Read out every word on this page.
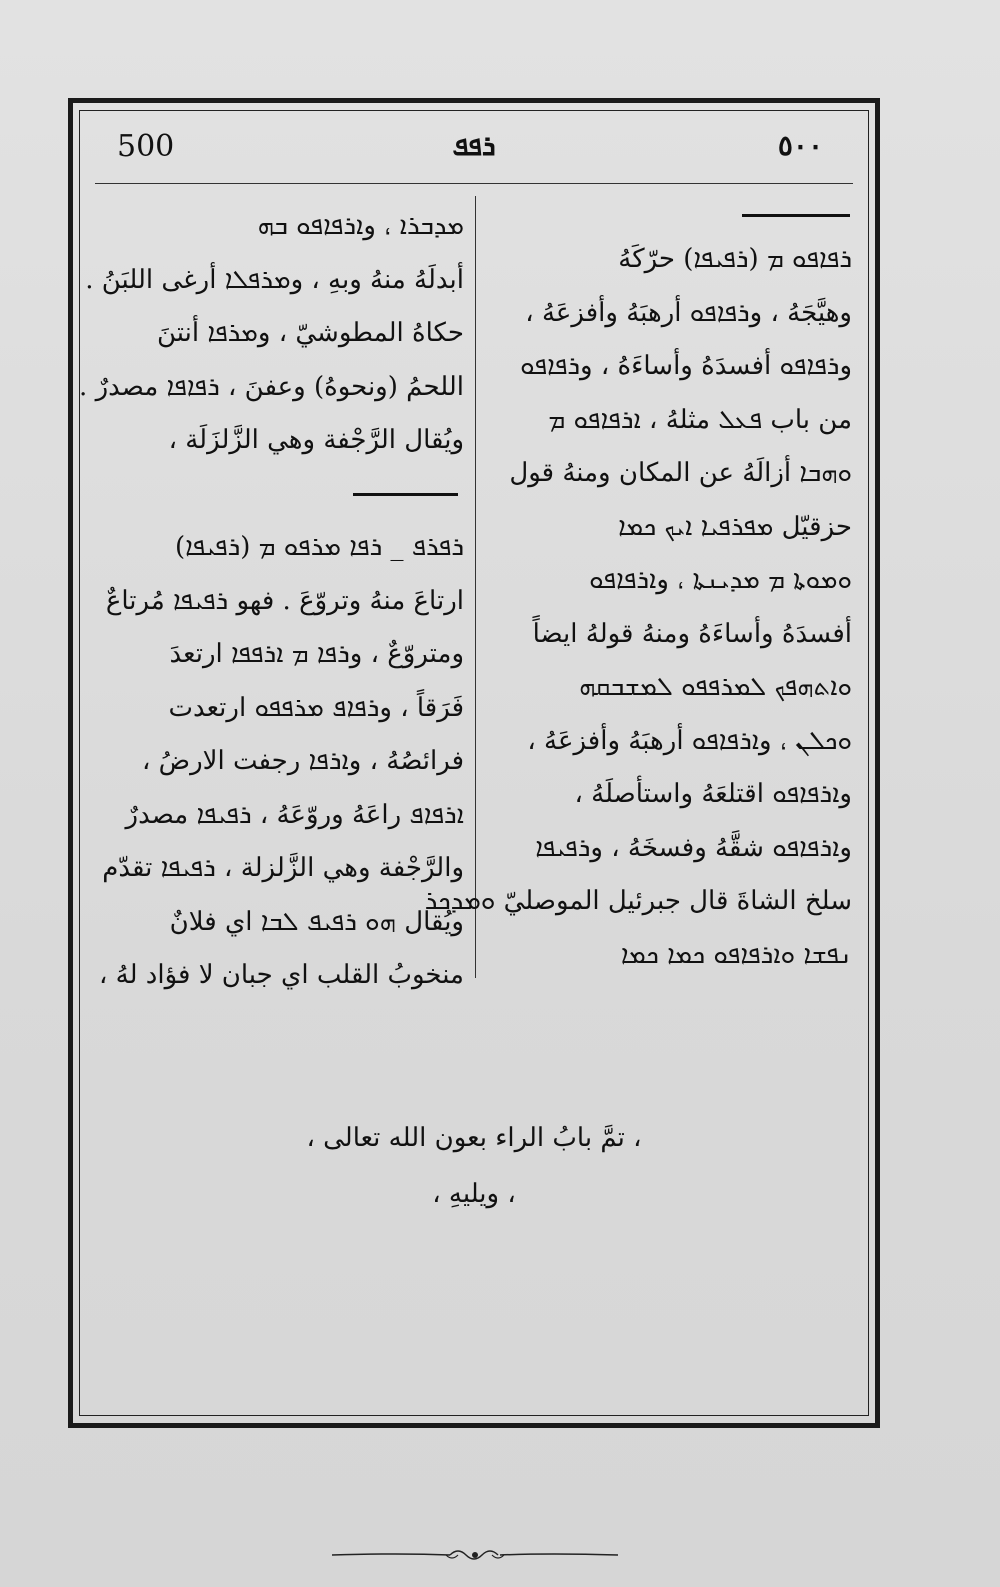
500	ܪܦܦ	٥٠٠

ܪܦܐܦܘ ܡ (ܪܦܝܦܐ) حرّكَهُ

وهيَّجَهُ ، وܪܦܐܦܘ أرهبَهُ وأفزعَهُ ،

وܪܦܐܦܘ أفسدَهُ وأساءَهُ ، وܪܦܐܦܘ

من باب ܦܥܠ مثلهُ ، ܐܪܦܐܦܘ ܡ

ܘܗܒܐ أزالَهُ عن المكان ومنهُ قول

حزقيّل ܡܦܪܦܝܐ ܐܝܟ ܟܡܐ

ܘܡܘܬܐ ܡ ܡܕܝܢܬܐ ، وܐܪܦܐܦܘ

أفسدَهُ وأساءَهُ ومنهُ قولهُ ايضاً

ܘܐܬܗܦܟ ܠܡܪܦܦܘ ܠܡܫܒܩܗ

ܘܟܠܢ ، وܐܪܦܐܦܘ أرهبَهُ وأفزعَهُ ،

وܐܪܦܐܦܘ اقتلعَهُ واستأصلَهُ ،

وܐܪܦܐܦܘ شقَّهُ وفسخَهُ ، وܪܦܝܦܐ

سلخ الشاةَ قال جبرئيل الموصليّ ܘܡܕܟܪ

ܢܦܫܐ ܘܐܪܦܐܦܘ ܟܡܐ ܟܡܐ

ܡܕܒܪܐ ، وܐܪܦܐܦܘ ܒܗ

أبدلَهُ منهُ وبهِ ، وܡܪܦܠܐ أرغى اللبَنُ .

حكاهُ المطوشيّ ، وܡܪܦܐ أنتنَ

اللحمُ (ونحوهُ) وعفنَ ، ܪܦܐܦܐ مصدرٌ .

ويُقال الرَّجْفة وهي الزَّلزَلَة ،

ܪܦܪܦ _ ܪܦܐ ܡܪܦܘ ܡ (ܪܦܝܦܐ)

ارتاعَ منهُ وتروّعَ . فهو ܪܦܝܦܐ مُرتاعٌ

ومتروّعٌ ، وܪܦܐ ܡ ܐܪܦܦܐ ارتعدَ

فَرَقاً ، وܪܦܐܦ ܡܪܦܦܘ ارتعدت

فرائصُهُ ، وܐܪܦܐ رجفت الارضُ ،

ܐܪܦܐܦ راعَهُ وروّعَهُ ، ܪܦܝܦܐ مصدرٌ

والرَّجْفة وهي الزَّلزلة ، ܪܦܝܦܐ تقدّم

ويُقال ܗܘ ܪܦܝܦ ܠܒܐ اي فلانٌ

منخوبُ القلب اي جبان لا فؤاد لهُ ،

، تمَّ بابُ الراء بعون الله تعالى ،
، ويليهِ ،
